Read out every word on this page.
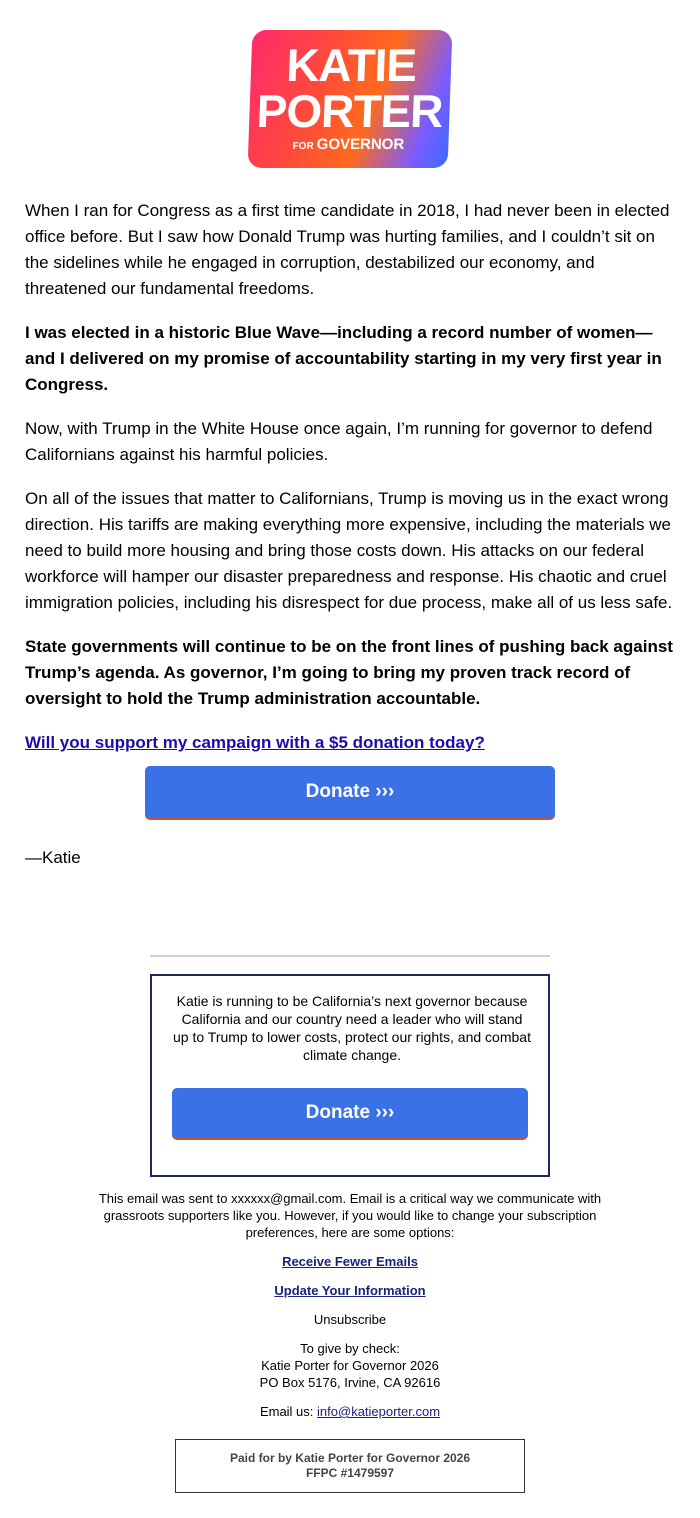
KATIE
PORTER
FOR GOVERNOR

When I ran for Congress as a first time candidate in 2018, I had never been in elected office before. But I saw how Donald Trump was hurting families, and I couldn’t sit on the sidelines while he engaged in corruption, destabilized our economy, and threatened our fundamental freedoms.

I was elected in a historic Blue Wave—including a record number of women—and I delivered on my promise of accountability starting in my very first year in Congress.

Now, with Trump in the White House once again, I’m running for governor to defend Californians against his harmful policies.

On all of the issues that matter to Californians, Trump is moving us in the exact wrong direction. His tariffs are making everything more expensive, including the materials we need to build more housing and bring those costs down. His attacks on our federal workforce will hamper our disaster preparedness and response. His chaotic and cruel immigration policies, including his disrespect for due process, make all of us less safe.

State governments will continue to be on the front lines of pushing back against Trump’s agenda. As governor, I’m going to bring my proven track record of oversight to hold the Trump administration accountable.

Will you support my campaign with a $5 donation today?

Donate ›››
—Katie
Katie is running to be California’s next governor because California and our country need a leader who will stand up to Trump to lower costs, protect our rights, and combat climate change.
Donate ›››
This email was sent to xxxxxx@gmail.com. Email is a critical way we communicate with grassroots supporters like you. However, if you would like to change your subscription preferences, here are some options:
Receive Fewer Emails
Update Your Information
Unsubscribe
To give by check:
Katie Porter for Governor 2026
PO Box 5176, Irvine, CA 92616
Email us: info@katieporter.com
Paid for by Katie Porter for Governor 2026
FFPC #1479597
